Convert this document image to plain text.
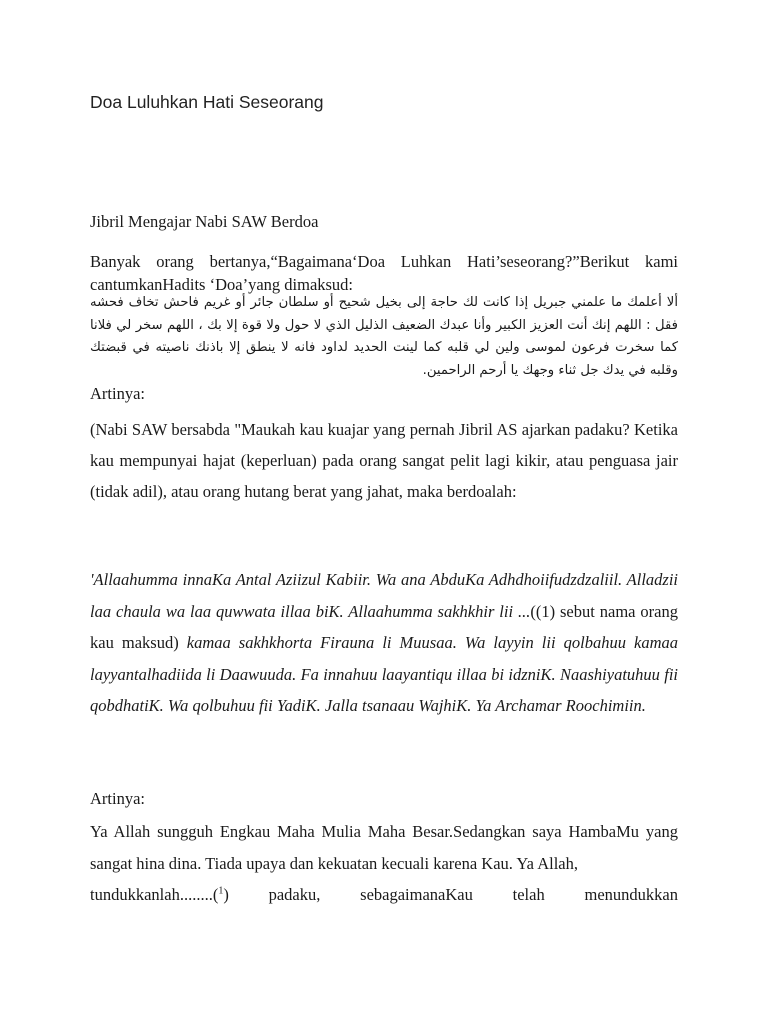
Doa Luluhkan Hati Seseorang
Jibril Mengajar Nabi SAW Berdoa
Banyak orang bertanya,“Bagaimana‘Doa Luhkan Hati’seseorang?”Berikut kami cantumkanHadits ‘Doa’yang dimaksud:
ألا أعلمك ما علمني جبريل إذا كانت لك حاجة إلى بخيل شحيح أو سلطان جائر أو غريم فاحش تخاف فحشه فقل : اللهم إنك أنت العزيز الكبير وأنا عبدك الضعيف الذليل الذي لا حول ولا قوة إلا بك ، اللهم سخر لي فلانا كما سخرت فرعون لموسى ولين لي قلبه كما لينت الحديد لداود فانه لا ينطق إلا باذنك ناصيته في قبضتك وقلبه في يدك جل ثناء وجهك يا أرحم الراحمين.
Artinya:
(Nabi SAW bersabda "Maukah kau kuajar yang pernah Jibril AS ajarkan padaku? Ketika kau mempunyai hajat (keperluan) pada orang sangat pelit lagi kikir, atau penguasa jair (tidak adil), atau orang hutang berat yang jahat, maka berdoalah:
'Allaahumma innaKa Antal Aziizul Kabiir. Wa ana AbduKa Adhdhoiifudzdzaliil. Alladzii laa chaula wa laa quwwata illaa biK. Allaahumma sakhkhir lii ...((1) sebut nama orang kau maksud) kamaa sakhkhorta Firauna li Muusaa. Wa layyin lii qolbahuu kamaa layyantalhadiida li Daawuuda. Fa innahuu laayantiqu illaa bi idzniK. Naashiyatuhuu fii qobdhatiK. Wa qolbuhuu fii YadiK. Jalla tsanaau WajhiK. Ya Archamar Roochimiin.
Artinya:
Ya Allah sungguh Engkau Maha Mulia Maha Besar.Sedangkan saya HambaMu yang sangat hina dina. Tiada upaya dan kekuatan kecuali karena Kau. Ya Allah,
tundukkanlah........($^1$) padaku, sebagaimanaKau telah menundukkan
